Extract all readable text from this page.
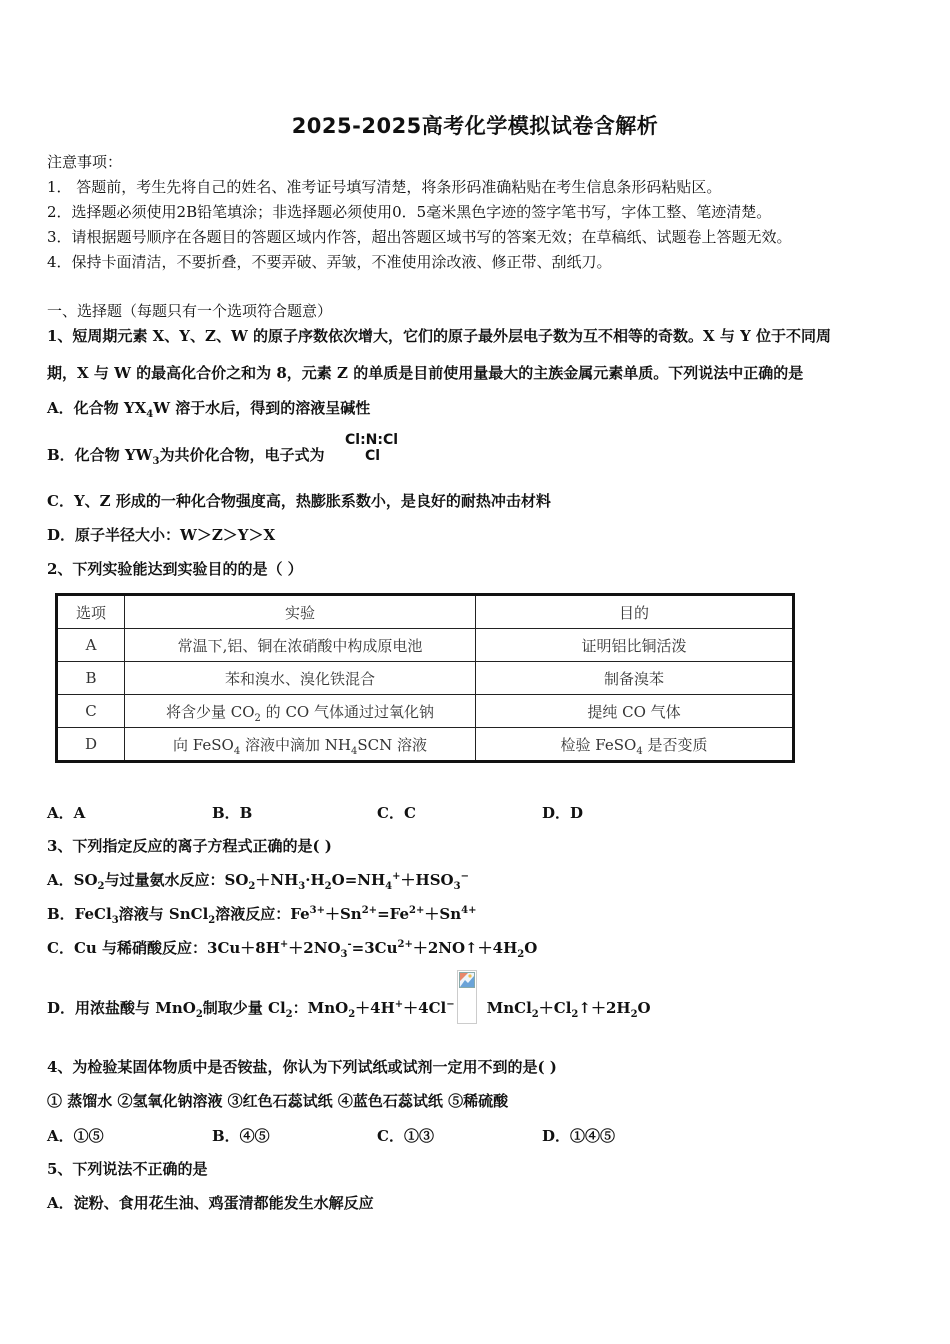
2025-2025高考化学模拟试卷含解析
注意事项：
1． 答题前，考生先将自己的姓名、准考证号填写清楚，将条形码准确粘贴在考生信息条形码粘贴区。
2．选择题必须使用2B铅笔填涂；非选择题必须使用0．5毫米黑色字迹的签字笔书写，字体工整、笔迹清楚。
3．请根据题号顺序在各题目的答题区域内作答，超出答题区域书写的答案无效；在草稿纸、试题卷上答题无效。
4．保持卡面清洁，不要折叠，不要弄破、弄皱，不准使用涂改液、修正带、刮纸刀。
一、选择题（每题只有一个选项符合题意）
1、短周期元素 X、Y、Z、W 的原子序数依次增大，它们的原子最外层电子数为互不相等的奇数。X 与 Y 位于不同周
期，X 与 W 的最高化合价之和为 8，元素 Z 的单质是目前使用量最大的主族金属元素单质。下列说法中正确的是
A．化合物 $YX_4W$ 溶于水后，得到的溶液呈碱性
B．化合物 $YW_3$为共价化合物，电子式为
Cl:N:Cl
Cl
C．Y、Z 形成的一种化合物强度高，热膨胀系数小，是良好的耐热冲击材料
D．原子半径大小：W＞Z＞Y＞X
2、下列实验能达到实验目的的是（ ）
选项	实验	目的
A	常温下,铝、铜在浓硝酸中构成原电池	证明铝比铜活泼
B	苯和溴水、溴化铁混合	制备溴苯
C	将含少量 $CO_2$ 的 CO 气体通过过氧化钠	提纯 CO 气体
D	向 FeSO$_4$ 溶液中滴加 $NH_4SCN$ 溶液	检验 FeSO$_4$ 是否变质
A．A	B．B	C．C	D．D
3、下列指定反应的离子方程式正确的是( )
A．$SO_2$与过量氨水反应：$SO_2+NH_3\cdot H_2O=NH_4^++HSO_3^-$
B．FeCl$_3$溶液与 SnCl$_2$溶液反应：$Fe^{3+}+Sn^{2+}=Fe^{2+}+Sn^{4+}$
C．Cu 与稀硝酸反应：$3Cu+8H^++2NO_3^-=3Cu^{2+}+2NO↑+4H_2O$
D．用浓盐酸与 MnO$_2$制取少量 $Cl_2$：MnO$_2$＋4H+＋4Cl− $MnCl_2+Cl_2↑+2H_2O$
4、为检验某固体物质中是否铵盐，你认为下列试纸或试剂一定用不到的是( )
① 蒸馏水 ②氢氧化钠溶液 ③红色石蕊试纸 ④蓝色石蕊试纸 ⑤稀硫酸
A．①⑤	B．④⑤	C．①③	D．①④⑤
5、下列说法不正确的是
A．淀粉、食用花生油、鸡蛋清都能发生水解反应
